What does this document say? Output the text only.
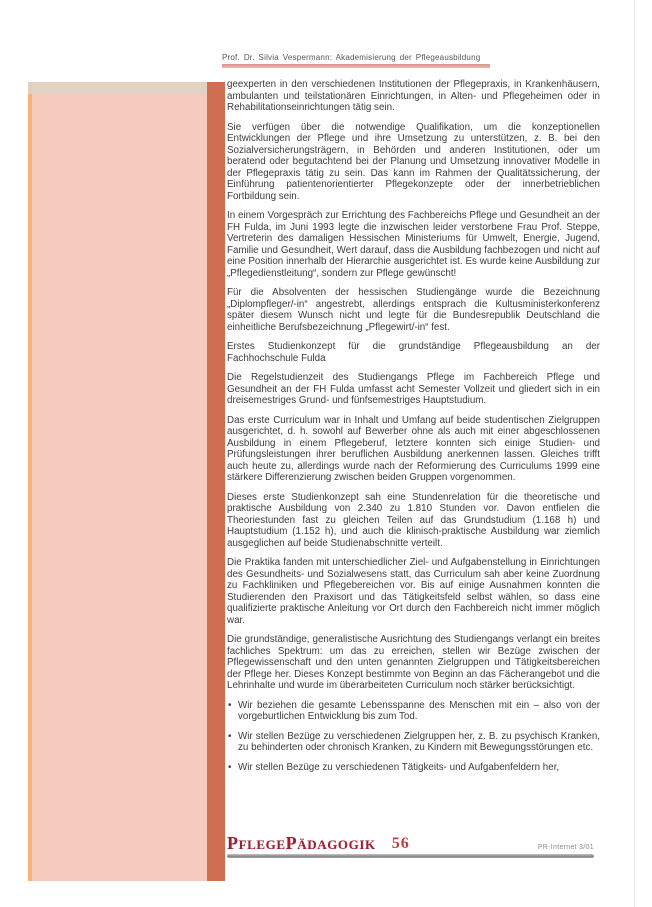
Prof. Dr. Silvia Vespermann: Akademisierung der Pflegeausbildung

geexperten in den verschiedenen Institutionen der Pflegepraxis, in Krankenhäusern, ambulanten und teilstationären Einrichtungen, in Alten- und Pflegeheimen oder in Rehabilitationseinrichtungen tätig sein.

Sie verfügen über die notwendige Qualifikation, um die konzeptionellen Entwicklungen der Pflege und ihre Umsetzung zu unterstützen, z. B. bei den Sozialversicherungsträgern, in Behörden und anderen Institutionen, oder um beratend oder begutachtend bei der Planung und Umsetzung innovativer Modelle in der Pflegepraxis tätig zu sein. Das kann im Rahmen der Qualitätssicherung, der Einführung patientenorientierter Pflegekonzepte oder der innerbetrieblichen Fortbildung sein.

In einem Vorgespräch zur Errichtung des Fachbereichs Pflege und Gesundheit an der FH Fulda, im Juni 1993 legte die inzwischen leider verstorbene Frau Prof. Steppe, Vertreterin des damaligen Hessischen Ministeriums für Umwelt, Energie, Jugend, Familie und Gesundheit, Wert darauf, dass die Ausbildung fachbezogen und nicht auf eine Position innerhalb der Hierarchie ausgerichtet ist. Es wurde keine Ausbildung zur „Pflegedienstleitung“, sondern zur Pflege gewünscht!

Für die Absolventen der hessischen Studiengänge wurde die Bezeichnung „Diplompfleger/-in“ angestrebt, allerdings entsprach die Kultusministerkonferenz später diesem Wunsch nicht und legte für die Bundesrepublik Deutschland die einheitliche Berufsbezeichnung „Pflegewirt/-in“ fest.

Erstes Studienkonzept für die grundständige Pflegeausbildung an der Fachhochschule Fulda

Die Regelstudienzeit des Studiengangs Pflege im Fachbereich Pflege und Gesundheit an der FH Fulda umfasst acht Semester Vollzeit und gliedert sich in ein dreisemestriges Grund- und fünfsemestriges Hauptstudium.

Das erste Curriculum war in Inhalt und Umfang auf beide studentischen Zielgruppen ausgerichtet, d. h. sowohl auf Bewerber ohne als auch mit einer abgeschlossenen Ausbildung in einem Pflegeberuf, letztere konnten sich einige Studien- und Prüfungsleistungen ihrer beruflichen Ausbildung anerkennen lassen. Gleiches trifft auch heute zu, allerdings wurde nach der Reformierung des Curriculums 1999 eine stärkere Differenzierung zwischen beiden Gruppen vorgenommen.

Dieses erste Studienkonzept sah eine Stundenrelation für die theoretische und praktische Ausbildung von 2.340 zu 1.810 Stunden vor. Davon entfielen die Theoriestunden fast zu gleichen Teilen auf das Grundstudium (1.168 h) und Hauptstudium (1.152 h), und auch die klinisch-praktische Ausbildung war ziemlich ausgeglichen auf beide Studienabschnitte verteilt.

Die Praktika fanden mit unterschiedlicher Ziel- und Aufgabenstellung in Einrichtungen des Gesundheits- und Sozialwesens statt, das Curriculum sah aber keine Zuordnung zu Fachkliniken und Pflegebereichen vor. Bis auf einige Ausnahmen konnten die Studierenden den Praxisort und das Tätigkeitsfeld selbst wählen, so dass eine qualifizierte praktische Anleitung vor Ort durch den Fachbereich nicht immer möglich war.

Die grundständige, generalistische Ausrichtung des Studiengangs verlangt ein breites fachliches Spektrum: um das zu erreichen, stellen wir Bezüge zwischen der Pflegewissenschaft und den unten genannten Zielgruppen und Tätigkeitsbereichen der Pflege her. Dieses Konzept bestimmte von Beginn an das Fächerangebot und die Lehrinhalte und wurde im überarbeiteten Curriculum noch stärker berücksichtigt.

• Wir beziehen die gesamte Lebensspanne des Menschen mit ein – also von der vorgeburtlichen Entwicklung bis zum Tod.

• Wir stellen Bezüge zu verschiedenen Zielgruppen her, z. B. zu psychisch Kranken, zu behinderten oder chronisch Kranken, zu Kindern mit Bewegungsstörungen etc.

• Wir stellen Bezüge zu verschiedenen Tätigkeits- und Aufgabenfeldern her,

PflegePädagogik 56	PR-Internet 3/01
